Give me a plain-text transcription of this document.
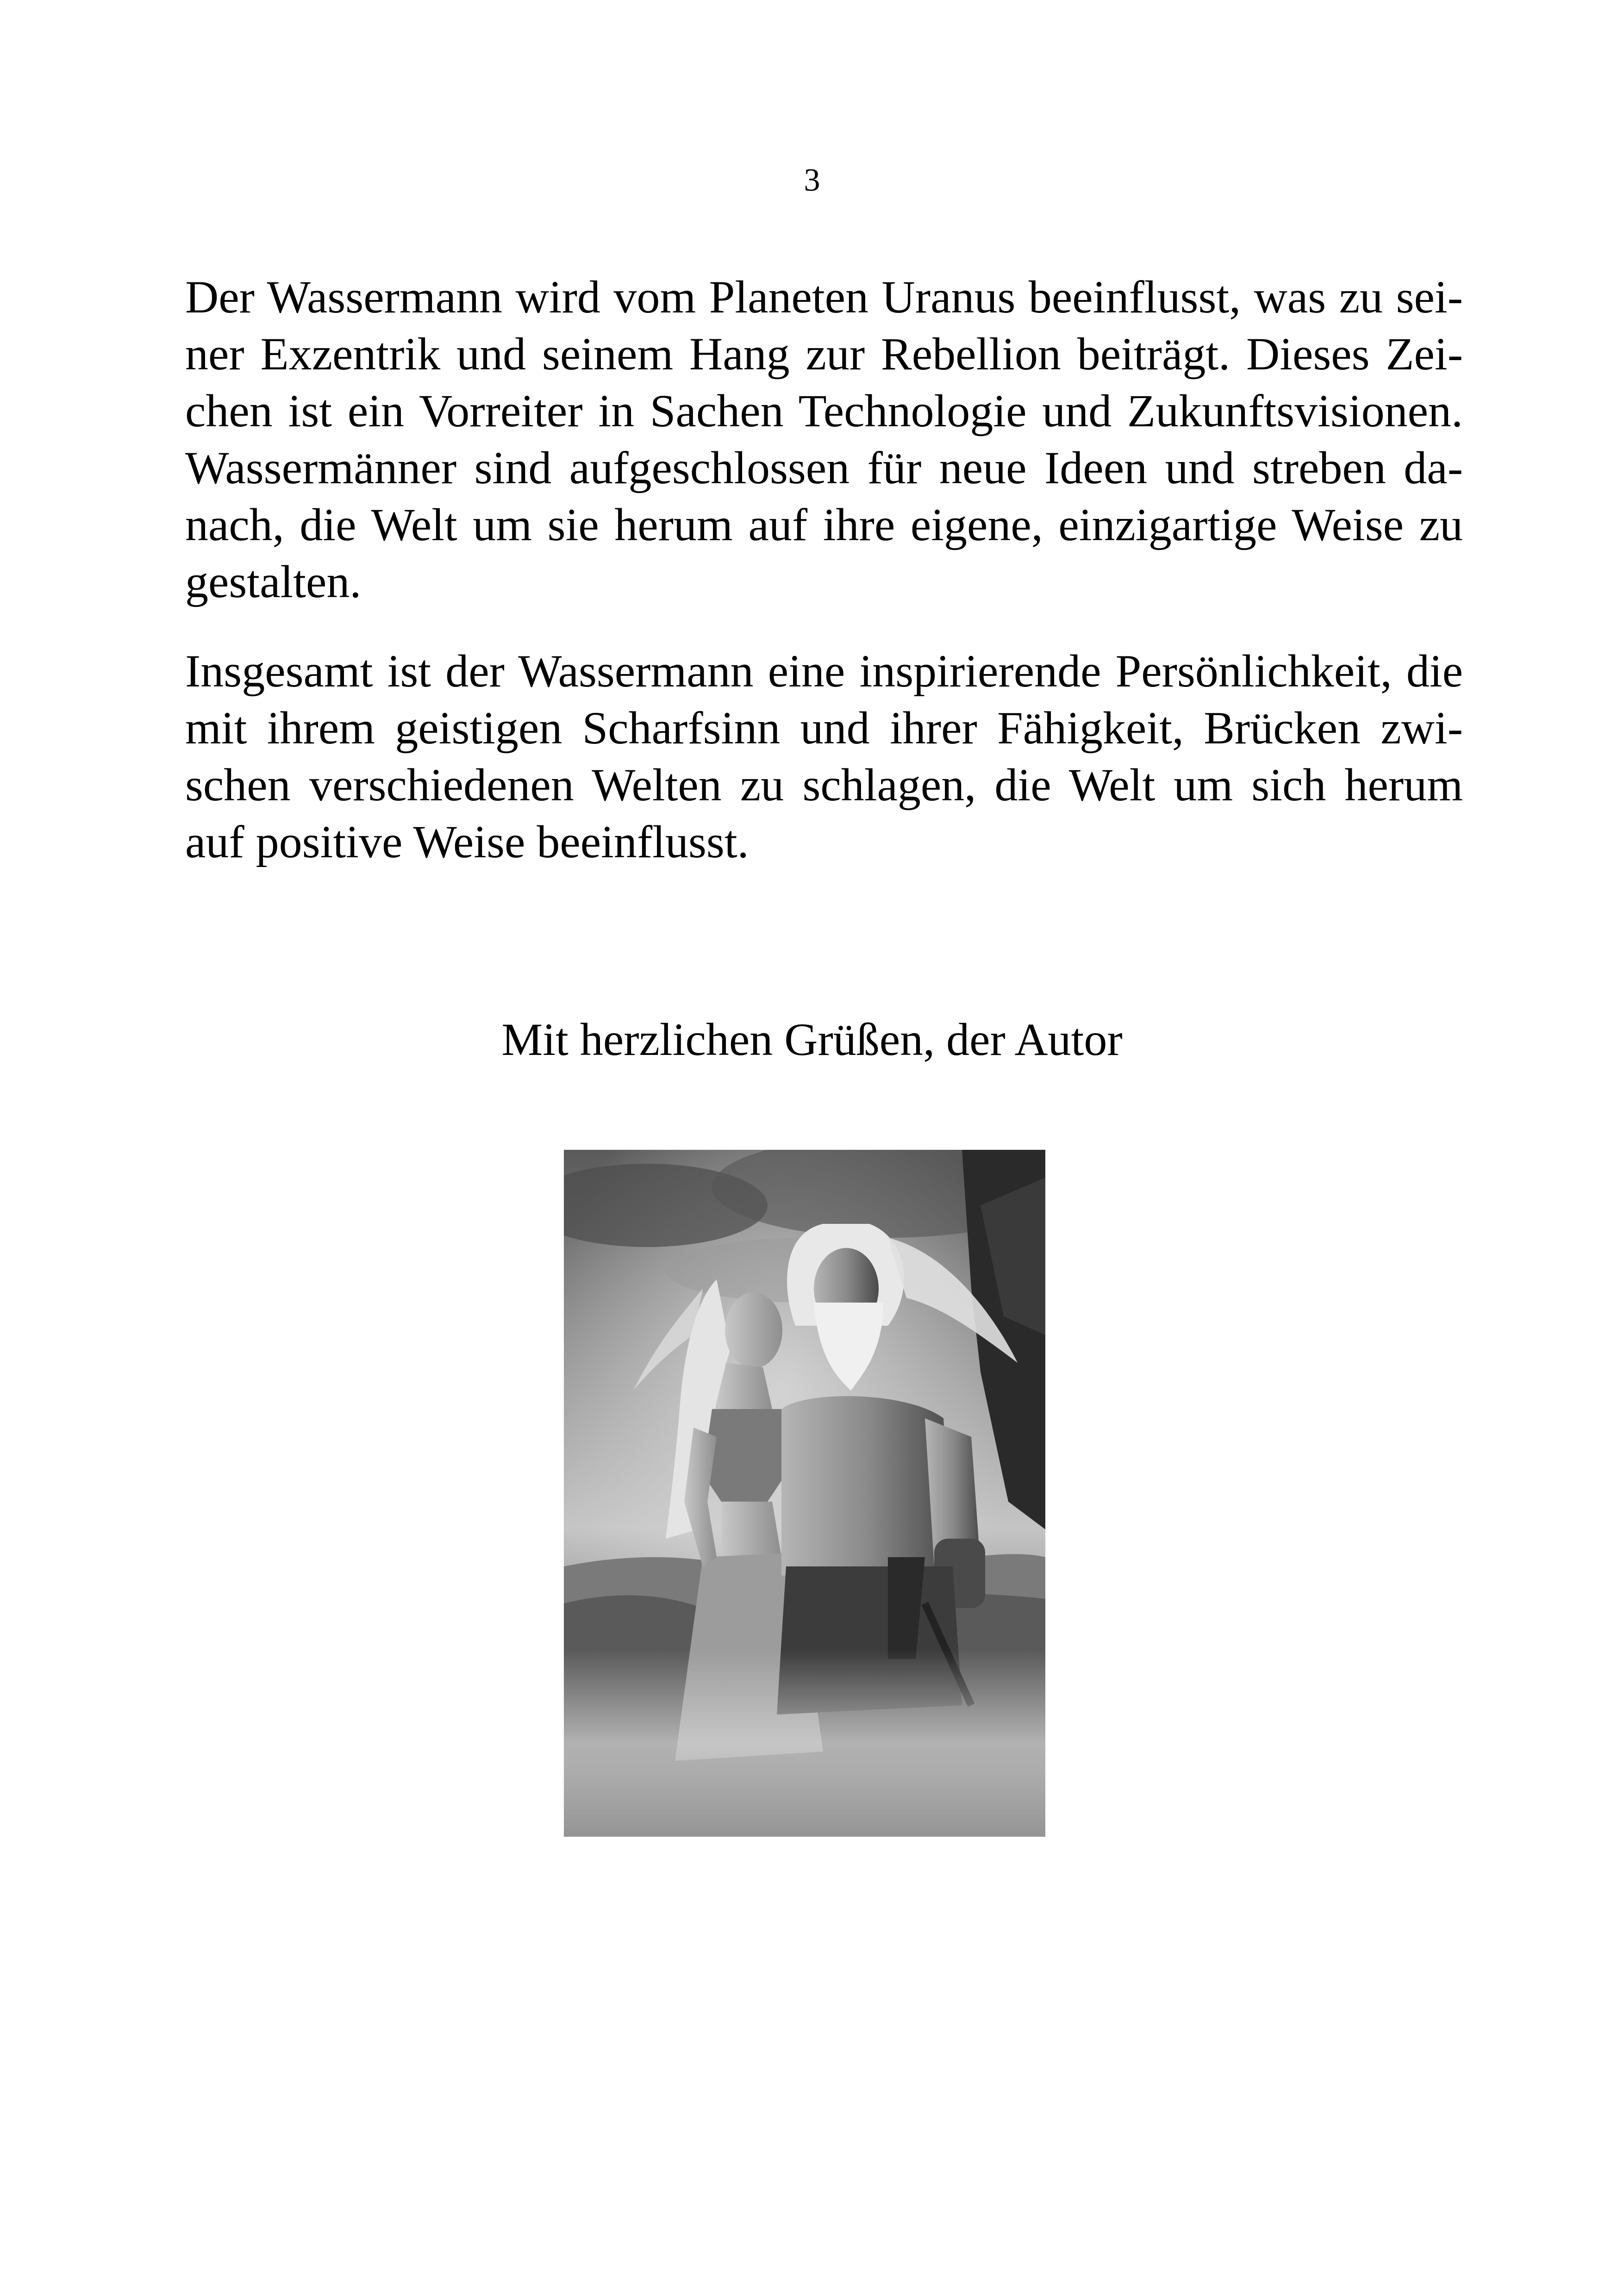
3
Der Wassermann wird vom Planeten Uranus beeinflusst, was zu sei-
ner Exzentrik und seinem Hang zur Rebellion beiträgt. Dieses Zei-
chen ist ein Vorreiter in Sachen Technologie und Zukunftsvisionen.
Wassermänner sind aufgeschlossen für neue Ideen und streben da-
nach, die Welt um sie herum auf ihre eigene, einzigartige Weise zu
gestalten.
Insgesamt ist der Wassermann eine inspirierende Persönlichkeit, die
mit ihrem geistigen Scharfsinn und ihrer Fähigkeit, Brücken zwi-
schen verschiedenen Welten zu schlagen, die Welt um sich herum
auf positive Weise beeinflusst.
Mit herzlichen Grüßen, der Autor
